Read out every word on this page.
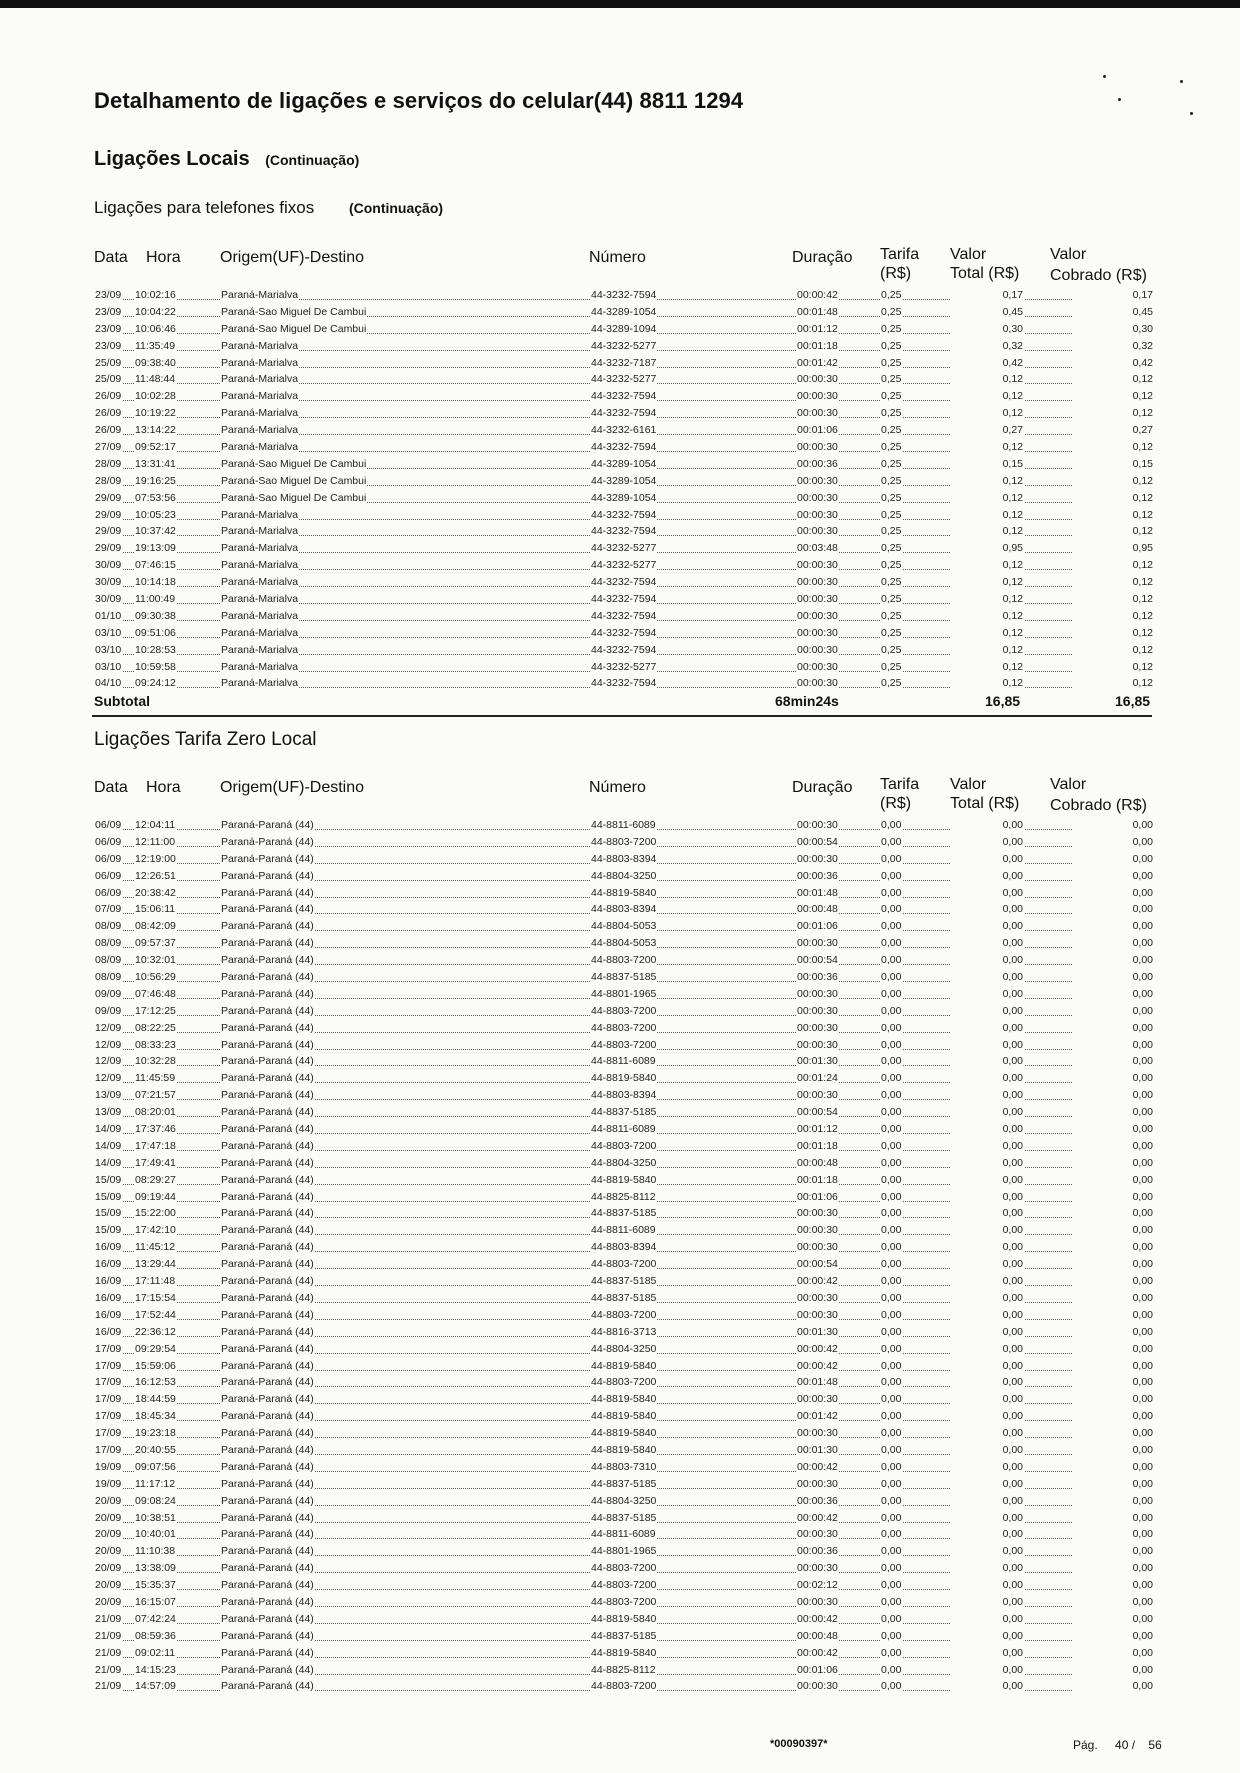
Detalhamento de ligações e serviços do celular(44) 8811 1294
Ligações Locais (Continuação)
Ligações para telefones fixos (Continuação)
Data Hora Origem(UF)-Destino	Número	Duração Tarifa
(R$)
Valor
Total (R$)
Valor
Cobrado (R$)
23/09 10:02:16	Paraná-Marialva	44-3232-7594	00:00:42	0,25	0,17	0,17
23/09 10:04:22	Paraná-Sao Miguel De Cambui	44-3289-1054	00:01:48	0,25	0,45	0,45
23/09 10:06:46	Paraná-Sao Miguel De Cambui	44-3289-1094	00:01:12	0,25	0,30	0,30
23/09 11:35:49	Paraná-Marialva	44-3232-5277	00:01:18	0,25	0,32	0,32
25/09 09:38:40	Paraná-Marialva	44-3232-7187	00:01:42	0,25	0,42	0,42
25/09 11:48:44	Paraná-Marialva	44-3232-5277	00:00:30	0,25	0,12	0,12
26/09 10:02:28	Paraná-Marialva	44-3232-7594	00:00:30	0,25	0,12	0,12
26/09 10:19:22	Paraná-Marialva	44-3232-7594	00:00:30	0,25	0,12	0,12
26/09 13:14:22	Paraná-Marialva	44-3232-6161	00:01:06	0,25	0,27	0,27
27/09 09:52:17	Paraná-Marialva	44-3232-7594	00:00:30	0,25	0,12	0,12
28/09 13:31:41	Paraná-Sao Miguel De Cambui	44-3289-1054	00:00:36	0,25	0,15	0,15
28/09 19:16:25	Paraná-Sao Miguel De Cambui	44-3289-1054	00:00:30	0,25	0,12	0,12
29/09 07:53:56	Paraná-Sao Miguel De Cambui	44-3289-1054	00:00:30	0,25	0,12	0,12
29/09 10:05:23	Paraná-Marialva	44-3232-7594	00:00:30	0,25	0,12	0,12
29/09 10:37:42	Paraná-Marialva	44-3232-7594	00:00:30	0,25	0,12	0,12
29/09 19:13:09	Paraná-Marialva	44-3232-5277	00:03:48	0,25	0,95	0,95
30/09 07:46:15	Paraná-Marialva	44-3232-5277	00:00:30	0,25	0,12	0,12
30/09 10:14:18	Paraná-Marialva	44-3232-7594	00:00:30	0,25	0,12	0,12
30/09 11:00:49	Paraná-Marialva	44-3232-7594	00:00:30	0,25	0,12	0,12
01/10 09:30:38	Paraná-Marialva	44-3232-7594	00:00:30	0,25	0,12	0,12
03/10 09:51:06	Paraná-Marialva	44-3232-7594	00:00:30	0,25	0,12	0,12
03/10 10:28:53	Paraná-Marialva	44-3232-7594	00:00:30	0,25	0,12	0,12
03/10 10:59:58	Paraná-Marialva	44-3232-5277	00:00:30	0,25	0,12	0,12
04/10 09:24:12	Paraná-Marialva	44-3232-7594	00:00:30	0,25	0,12	0,12
Subtotal	68min24s	16,85	16,85
Ligações Tarifa Zero Local
Data Hora Origem(UF)-Destino	Número	Duração Tarifa
(R$)
Valor
Total (R$)
Valor
Cobrado (R$)
06/09 12:04:11	Paraná-Paraná (44)	44-8811-6089	00:00:30	0,00	0,00	0,00
06/09 12:11:00	Paraná-Paraná (44)	44-8803-7200	00:00:54	0,00	0,00	0,00
06/09 12:19:00	Paraná-Paraná (44)	44-8803-8394	00:00:30	0,00	0,00	0,00
06/09 12:26:51	Paraná-Paraná (44)	44-8804-3250	00:00:36	0,00	0,00	0,00
06/09 20:38:42	Paraná-Paraná (44)	44-8819-5840	00:01:48	0,00	0,00	0,00
07/09 15:06:11	Paraná-Paraná (44)	44-8803-8394	00:00:48	0,00	0,00	0,00
08/09 08:42:09	Paraná-Paraná (44)	44-8804-5053	00:01:06	0,00	0,00	0,00
08/09 09:57:37	Paraná-Paraná (44)	44-8804-5053	00:00:30	0,00	0,00	0,00
08/09 10:32:01	Paraná-Paraná (44)	44-8803-7200	00:00:54	0,00	0,00	0,00
08/09 10:56:29	Paraná-Paraná (44)	44-8837-5185	00:00:36	0,00	0,00	0,00
09/09 07:46:48	Paraná-Paraná (44)	44-8801-1965	00:00:30	0,00	0,00	0,00
09/09 17:12:25	Paraná-Paraná (44)	44-8803-7200	00:00:30	0,00	0,00	0,00
12/09 08:22:25	Paraná-Paraná (44)	44-8803-7200	00:00:30	0,00	0,00	0,00
12/09 08:33:23	Paraná-Paraná (44)	44-8803-7200	00:00:30	0,00	0,00	0,00
12/09 10:32:28	Paraná-Paraná (44)	44-8811-6089	00:01:30	0,00	0,00	0,00
12/09 11:45:59	Paraná-Paraná (44)	44-8819-5840	00:01:24	0,00	0,00	0,00
13/09 07:21:57	Paraná-Paraná (44)	44-8803-8394	00:00:30	0,00	0,00	0,00
13/09 08:20:01	Paraná-Paraná (44)	44-8837-5185	00:00:54	0,00	0,00	0,00
14/09 17:37:46	Paraná-Paraná (44)	44-8811-6089	00:01:12	0,00	0,00	0,00
14/09 17:47:18	Paraná-Paraná (44)	44-8803-7200	00:01:18	0,00	0,00	0,00
14/09 17:49:41	Paraná-Paraná (44)	44-8804-3250	00:00:48	0,00	0,00	0,00
15/09 08:29:27	Paraná-Paraná (44)	44-8819-5840	00:01:18	0,00	0,00	0,00
15/09 09:19:44	Paraná-Paraná (44)	44-8825-8112	00:01:06	0,00	0,00	0,00
15/09 15:22:00	Paraná-Paraná (44)	44-8837-5185	00:00:30	0,00	0,00	0,00
15/09 17:42:10	Paraná-Paraná (44)	44-8811-6089	00:00:30	0,00	0,00	0,00
16/09 11:45:12	Paraná-Paraná (44)	44-8803-8394	00:00:30	0,00	0,00	0,00
16/09 13:29:44	Paraná-Paraná (44)	44-8803-7200	00:00:54	0,00	0,00	0,00
16/09 17:11:48	Paraná-Paraná (44)	44-8837-5185	00:00:42	0,00	0,00	0,00
16/09 17:15:54	Paraná-Paraná (44)	44-8837-5185	00:00:30	0,00	0,00	0,00
16/09 17:52:44	Paraná-Paraná (44)	44-8803-7200	00:00:30	0,00	0,00	0,00
16/09 22:36:12	Paraná-Paraná (44)	44-8816-3713	00:01:30	0,00	0,00	0,00
17/09 09:29:54	Paraná-Paraná (44)	44-8804-3250	00:00:42	0,00	0,00	0,00
17/09 15:59:06	Paraná-Paraná (44)	44-8819-5840	00:00:42	0,00	0,00	0,00
17/09 16:12:53	Paraná-Paraná (44)	44-8803-7200	00:01:48	0,00	0,00	0,00
17/09 18:44:59	Paraná-Paraná (44)	44-8819-5840	00:00:30	0,00	0,00	0,00
17/09 18:45:34	Paraná-Paraná (44)	44-8819-5840	00:01:42	0,00	0,00	0,00
17/09 19:23:18	Paraná-Paraná (44)	44-8819-5840	00:00:30	0,00	0,00	0,00
17/09 20:40:55	Paraná-Paraná (44)	44-8819-5840	00:01:30	0,00	0,00	0,00
19/09 09:07:56	Paraná-Paraná (44)	44-8803-7310	00:00:42	0,00	0,00	0,00
19/09 11:17:12	Paraná-Paraná (44)	44-8837-5185	00:00:30	0,00	0,00	0,00
20/09 09:08:24	Paraná-Paraná (44)	44-8804-3250	00:00:36	0,00	0,00	0,00
20/09 10:38:51	Paraná-Paraná (44)	44-8837-5185	00:00:42	0,00	0,00	0,00
20/09 10:40:01	Paraná-Paraná (44)	44-8811-6089	00:00:30	0,00	0,00	0,00
20/09 11:10:38	Paraná-Paraná (44)	44-8801-1965	00:00:36	0,00	0,00	0,00
20/09 13:38:09	Paraná-Paraná (44)	44-8803-7200	00:00:30	0,00	0,00	0,00
20/09 15:35:37	Paraná-Paraná (44)	44-8803-7200	00:02:12	0,00	0,00	0,00
20/09 16:15:07	Paraná-Paraná (44)	44-8803-7200	00:00:30	0,00	0,00	0,00
21/09 07:42:24	Paraná-Paraná (44)	44-8819-5840	00:00:42	0,00	0,00	0,00
21/09 08:59:36	Paraná-Paraná (44)	44-8837-5185	00:00:48	0,00	0,00	0,00
21/09 09:02:11	Paraná-Paraná (44)	44-8819-5840	00:00:42	0,00	0,00	0,00
21/09 14:15:23	Paraná-Paraná (44)	44-8825-8112	00:01:06	0,00	0,00	0,00
21/09 14:57:09	Paraná-Paraná (44)	44-8803-7200	00:00:30	0,00	0,00	0,00
*00090397*	Pág. 40 / 56
